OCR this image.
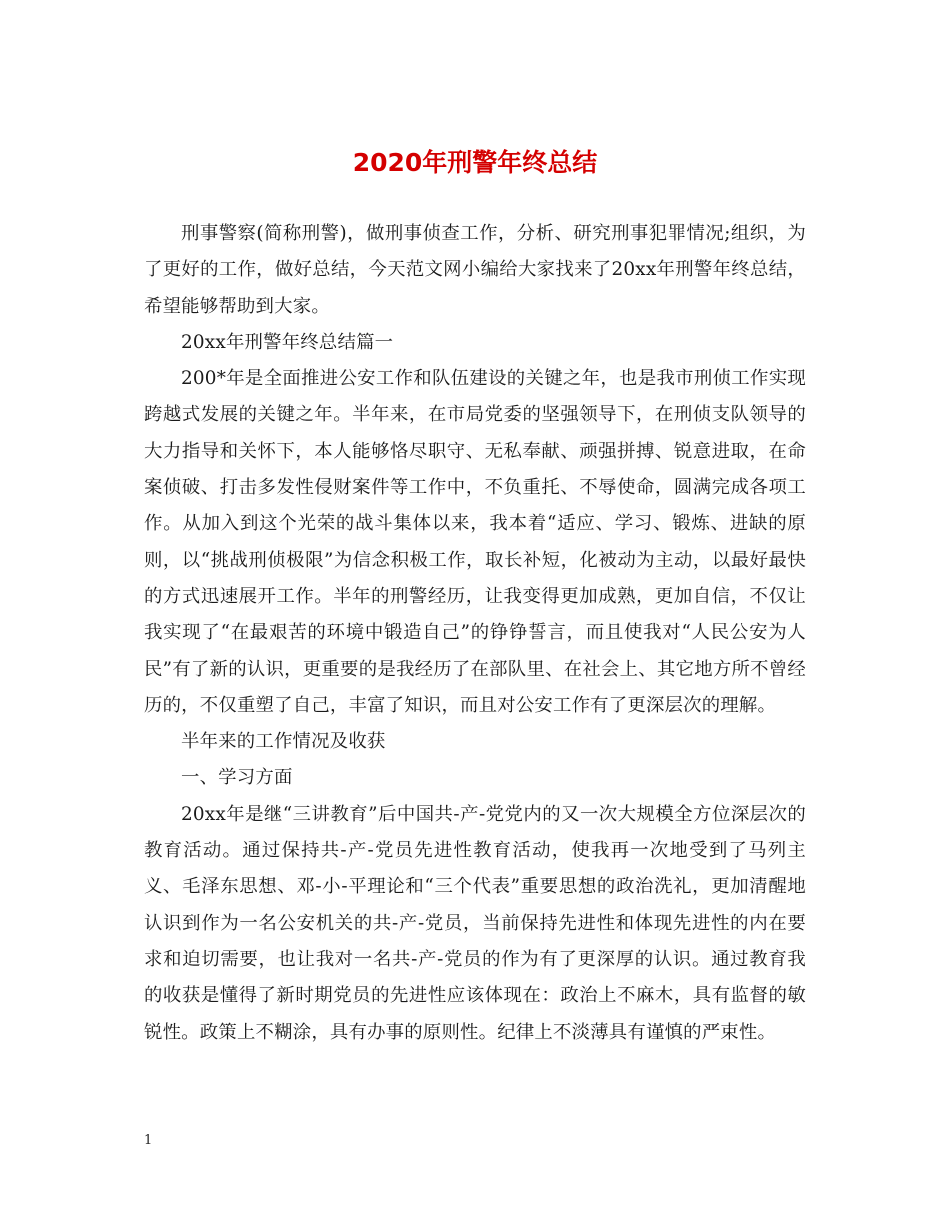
2020年刑警年终总结

刑事警察(简称刑警)，做刑事侦查工作，分析、研究刑事犯罪情况;组织，为了更好的工作，做好总结，今天范文网小编给大家找来了20xx年刑警年终总结，希望能够帮助到大家。

20xx年刑警年终总结篇一

200*年是全面推进公安工作和队伍建设的关键之年，也是我市刑侦工作实现跨越式发展的关键之年。半年来，在市局党委的坚强领导下，在刑侦支队领导的大力指导和关怀下，本人能够恪尽职守、无私奉献、顽强拼搏、锐意进取，在命案侦破、打击多发性侵财案件等工作中，不负重托、不辱使命，圆满完成各项工作。从加入到这个光荣的战斗集体以来，我本着“适应、学习、锻炼、进缺的原则，以“挑战刑侦极限”为信念积极工作，取长补短，化被动为主动，以最好最快的方式迅速展开工作。半年的刑警经历，让我变得更加成熟，更加自信，不仅让我实现了“在最艰苦的环境中锻造自己”的铮铮誓言，而且使我对“人民公安为人民”有了新的认识，更重要的是我经历了在部队里、在社会上、其它地方所不曾经历的，不仅重塑了自己，丰富了知识，而且对公安工作有了更深层次的理解。

半年来的工作情况及收获

一、学习方面

20xx年是继“三讲教育”后中国共-产-党党内的又一次大规模全方位深层次的教育活动。通过保持共-产-党员先进性教育活动，使我再一次地受到了马列主义、毛泽东思想、邓-小-平理论和“三个代表”重要思想的政治洗礼，更加清醒地认识到作为一名公安机关的共-产-党员，当前保持先进性和体现先进性的内在要求和迫切需要，也让我对一名共-产-党员的作为有了更深厚的认识。通过教育我的收获是懂得了新时期党员的先进性应该体现在：政治上不麻木，具有监督的敏锐性。政策上不糊涂，具有办事的原则性。纪律上不淡薄具有谨慎的严束性。

1
